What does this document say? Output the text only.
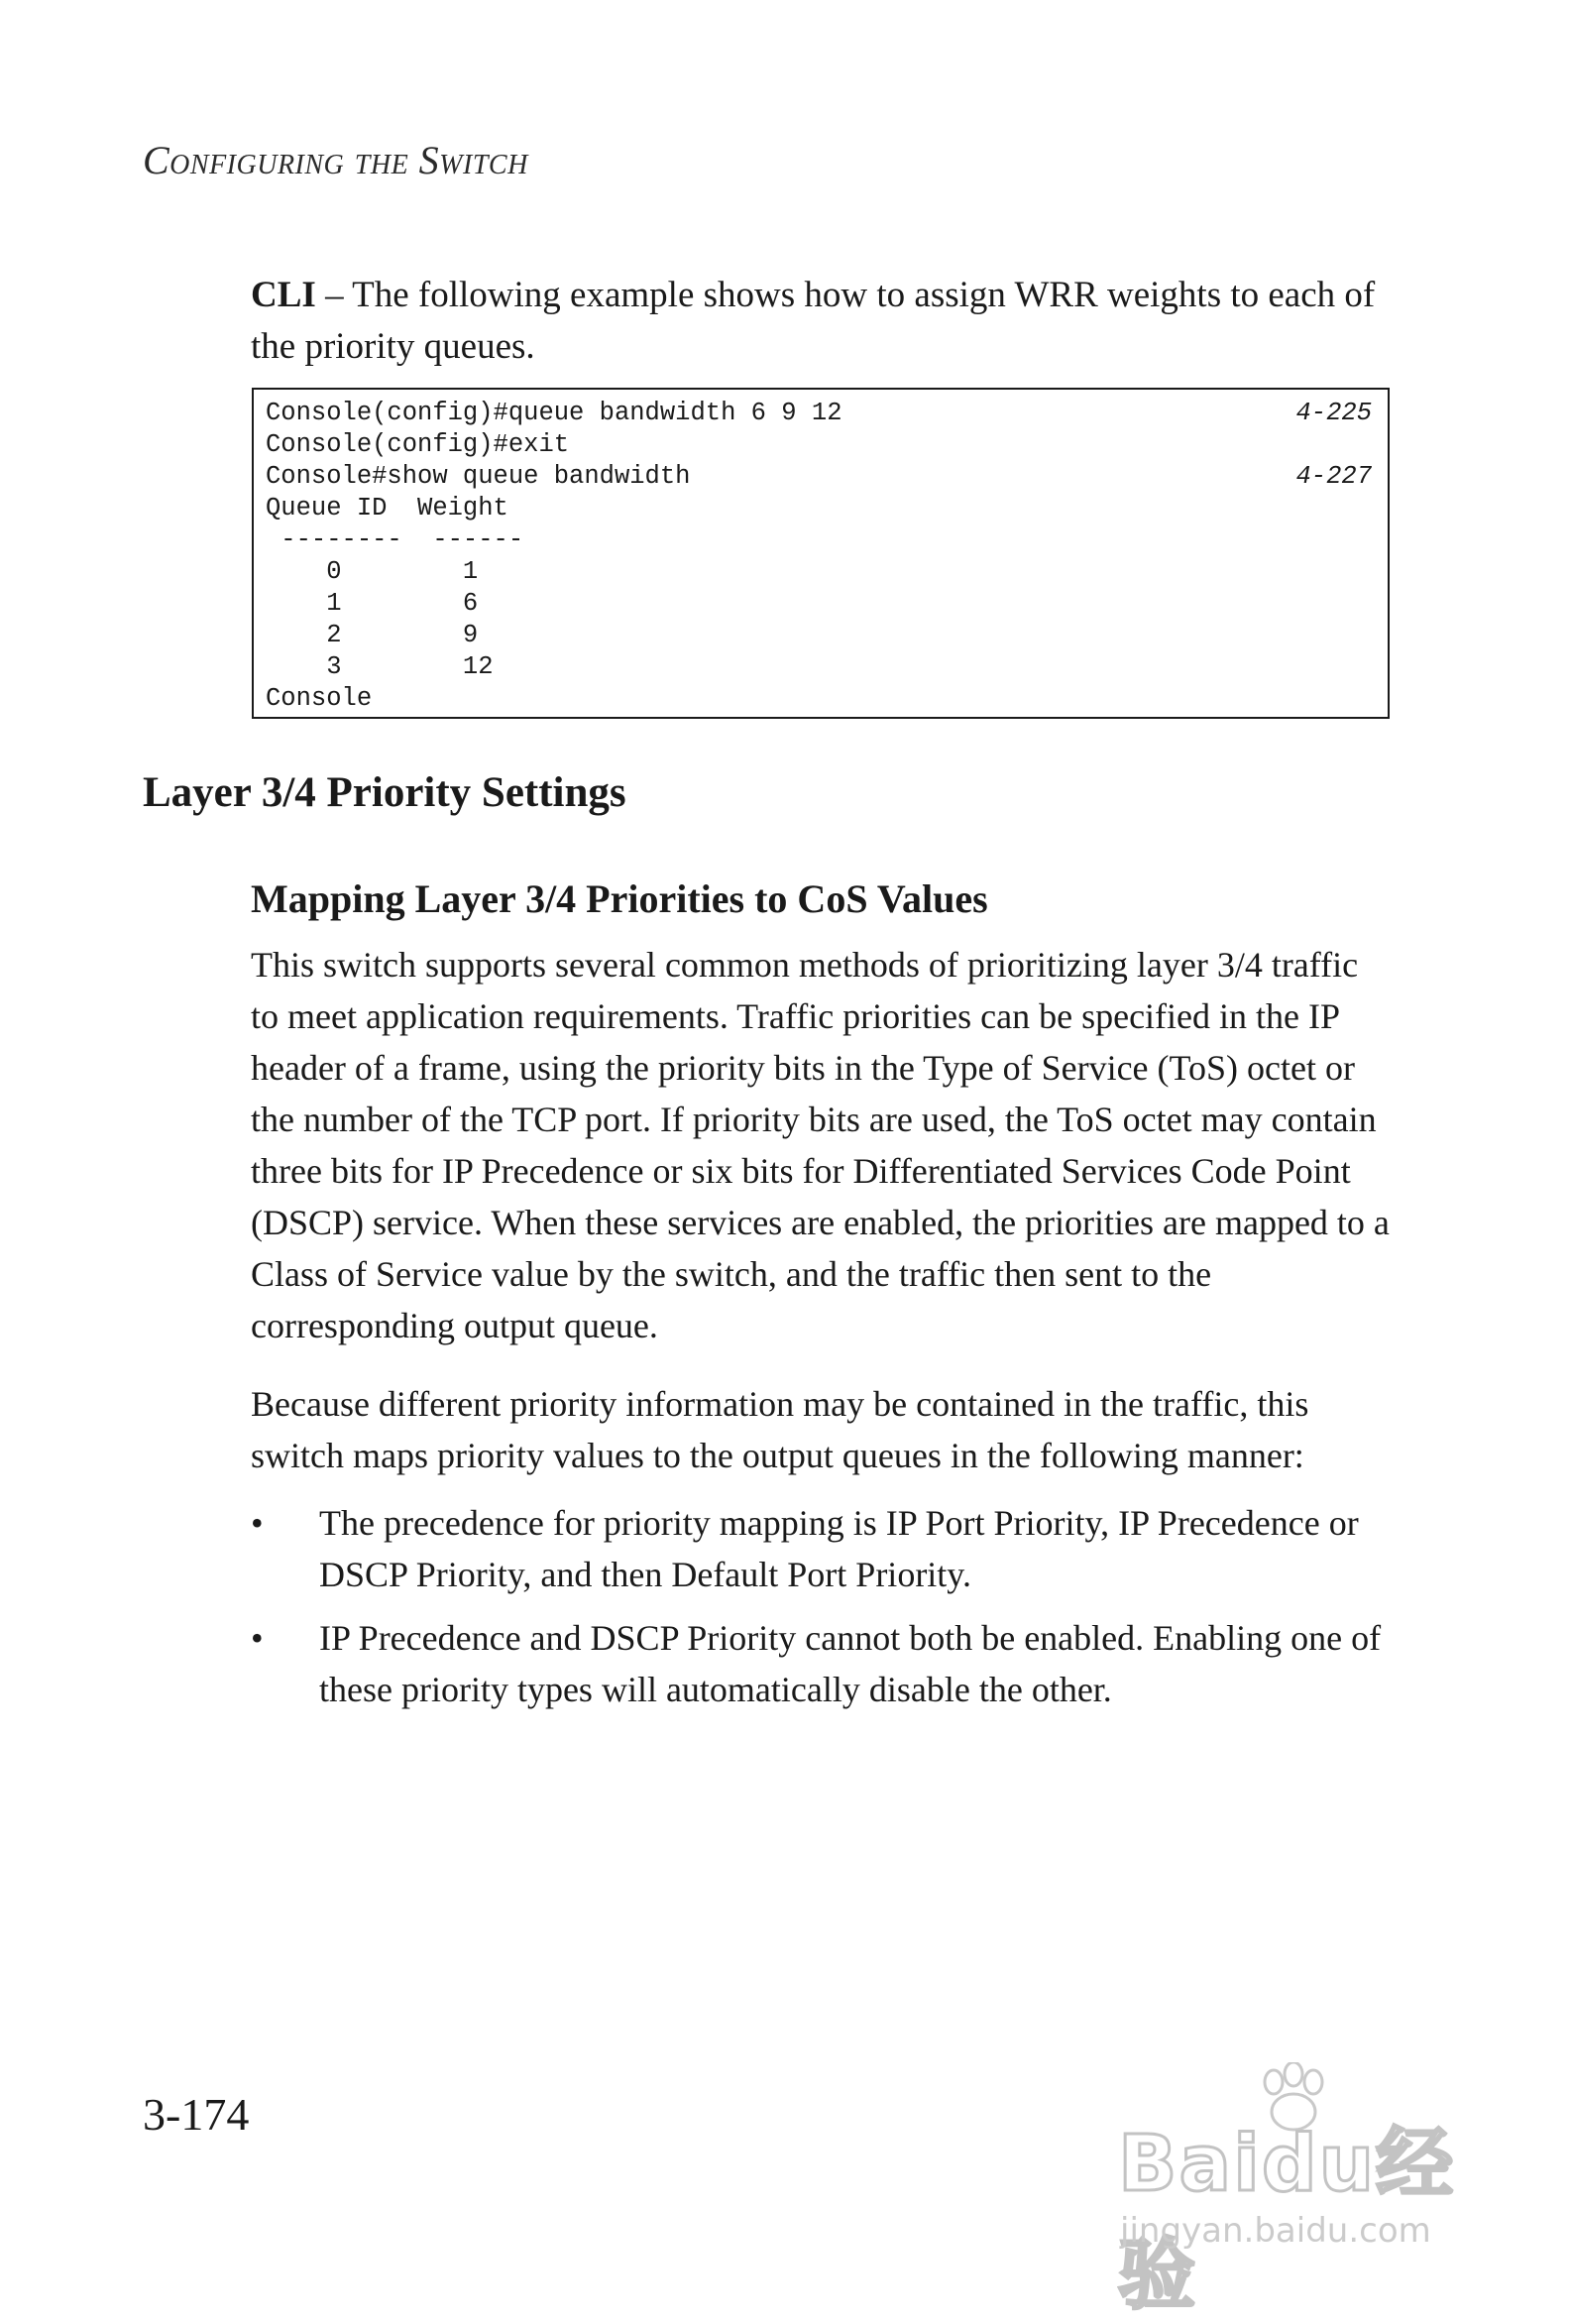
Configuring the Switch
CLI – The following example shows how to assign WRR weights to each of the priority queues.
Console(config)#queue bandwidth 6 9 12	4-225
Console(config)#exit
Console#show queue bandwidth	4-227
Queue ID  Weight
--------  ------
0        1
1        6
2        9
3        12
Console
Layer 3/4 Priority Settings
Mapping Layer 3/4 Priorities to CoS Values
This switch supports several common methods of prioritizing layer 3/4 traffic to meet application requirements. Traffic priorities can be specified in the IP header of a frame, using the priority bits in the Type of Service (ToS) octet or the number of the TCP port. If priority bits are used, the ToS octet may contain three bits for IP Precedence or six bits for Differentiated Services Code Point (DSCP) service. When these services are enabled, the priorities are mapped to a Class of Service value by the switch, and the traffic then sent to the corresponding output queue.
Because different priority information may be contained in the traffic, this switch maps priority values to the output queues in the following manner:
• The precedence for priority mapping is IP Port Priority, IP Precedence or DSCP Priority, and then Default Port Priority.
• IP Precedence and DSCP Priority cannot both be enabled. Enabling one of these priority types will automatically disable the other.
3-174
Baidu经验
jingyan.baidu.com
